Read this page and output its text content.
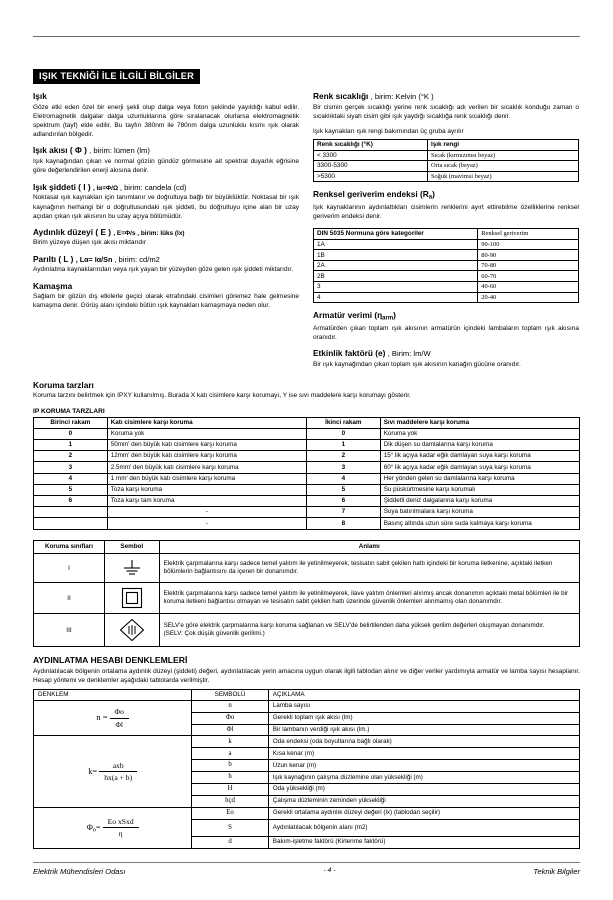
IŞIK TEKNİĞİ İLE İLGİLİ BİLGİLER
Işık

Göze etki eden özel bir enerji şekli olup dalga veya foton şeklinde yayıldığı kabul edilir. Eletromagnetik dalgalar dalga uzunluklarına göre sıralanacak olurlarsa elektromagnetik spektrum (tayf) elde edilir. Bu tayfın 380nm ile 780nm dalga uzunluklu kısmı ışık olarak adlandırılan bölgedir.

Işık akısı ( Φ ) , birim: lümen (lm)

Işık kaynağından çıkan ve normal gözün gündüz görmesine ait spektral duyarlık eğrisine göre değerlendirilen enerji akısına denir.

Işık şiddeti ( I ) , Iα=Φ/Ω , birim: candela (cd)

Noktasal ışık kaynakları için tanımlanır ve doğrultuya bağlı bir büyüklüktür. Noktasal bir ışık kaynağının herhangi bir α doğrultusundaki ışık şiddeti, bu doğrultuyu içine alan bir uzay açıdan çıkan ışık akısının bu uzay açıya bölümüdür.

Aydınlık düzeyi ( E ) , E=Φ/s , birim: lüks (lx)

Birim yüzeye düşen ışık akısı miktarıdır

Parıltı ( L ) , Lα= Iα/Sn , birim: cd/m2

Aydınlatma kaynaklarından veya ışık yayan bir yüzeyden göze gelen ışık şiddeti miktarıdır.

Kamaşma

Sağlam bir gözün dış etkilerle geçici olarak etrafındaki cisimleri göremez hale gelmesine kamaşma denir. Görüş alanı içindeki bütün ışık kaynakları kamaşmaya neden olur.

Renk sıcaklığı , birim: Kelvin (°K )

Bir cismin gerçek sıcaklığı yerine renk sıcaklığı adı verilen bir sıcaklık konduğu zaman o sıcaklıktaki siyah cisim gibi ışık yaydığı sıcaklığa renk sıcaklığı denir.

Işık kaynakları ışık rengi bakımından üç gruba ayrılır
Renk sıcaklığı (°K)	Işık rengi
< 3300	Sıcak (kırmızımsı beyaz)
3300-5300	Orta sıcak (beyaz)
>5300	Soğuk (mavimsi beyaz)
Renksel geriverim endeksi $(R_a)$

Işık kaynaklarının aydınlattıkları cisimlerin renklerini ayırt ettirebilme özelliklerine renksel geriverim endeksi denir.

DIN 5035 Normuna göre kategoriler	Renksel geriverim
1A	90-100
1B	80-90
2A	70-80
2B	60-70
3	40-60
4	20-40
Armatür verimi $(\eta_{arm})$

Armatürden çıkan toplam ışık akısının armatürün içindeki lambaların toplam ışık akısına oranıdır.

Etkinlik faktörü (e) , Birim: lm/W

Bir ışık kaynağından çıkan toplam ışık akısının kanağın gücüne oranıdır.

Koruma tarzları

Koruma tarzını belirtmek için IPXY kullanılmış. Burada X katı cisimlere karşı korumayı, Y ise sıvı maddelere karşı korumayı gösterir.

IP KORUMA TARZLARI
Birinci rakam	Katı cisimlere karşı koruma	İkinci rakam	Sıvı maddelere karşı koruma
0	Koruma yok	0	Koruma yok
1	50mm' den büyük katı cisimlere karşı koruma	1	Dik düşen su damlalarına karşı koruma
2	12mm' den büyük katı cisimlere karşı koruma	2	15° lik açıya kadar eğik damlayan suya karşı koruma
3	2.5mm' den büyük katı cisimlere karşı koruma	3	60° lik açıya kadar eğik damlayan suya karşı koruma
4	1 mm' den büyük katı cisimlere karşı koruma	4	Her yönden gelen su damlalarına karşı koruma
5	Toza karşı koruma	5	Su püskürtmesine karşı korumalı
6	Toza karşı tam koruma	6	Şiddetli deniz dalgalarına karşı koruma
	-	7	Suya batırılmalara karşı koruma
	-	8	Basınç altında uzun süre suda kalmaya karşı koruma
Koruma sınıfları	Sembol	Anlamı
I		Elektrik çarpmalarına karşı sadece temel yalıtım ile yetinilmeyerek, tesisatın sabit çekilen hattı içindeki bir koruma iletkenine, açıktaki iletken bölümlerin bağlantısını da içeren bir donanımdır.
II		Elektrik çarpmalarına karşı sadece temel yalıtım ile yetinilmeyerek, ilave yalıtım önlemleri alınmış ancak donanımın açıktaki metal bölümleri ile bir koruma iletkeni bağlantısı olmayan ve tesisatın sabit çekilen hattı üzerinde güvenlik önlemleri alınmamış olan donanımdır.
III		SELV'e göre elektrik çarpmalarına karşı koruma sağlanan ve SELV'de belirtilenden daha yüksek gerilim değerleri oluşmayan donanımdır.
(SELV: Çok düşük güvenlik gerilimi.)
AYDINLATMA HESABI DENKLEMLERİ

Aydınlatılacak bölgenin ortalama aydınlık düzeyi (şiddeti) değeri, aydınlatılacak yerin amacına uygun olarak ilgili tablodan alınır ve diğer veriler yardımıyla armatür ve lamba sayısı hesaplanır. Hesap yöntemi ve denklemler aşağıdaki tablolarda verilmiştir.

DENKLEM	SEMBOLÜ	AÇIKLAMA
$n = \frac{\Phi o}{\Phi l}$	n	Lamba sayısı
	Φo	Gerekli toplam ışık akısı (lm)
	Φl	Bir lambanın verdiği ışık akısı (lm.)
$k= \frac{\text{axb}}{hx(a + b)}$	k	Oda endeksi (oda boyutlarına bağlı olarak)
	a	Kısa kenar (m)
	b	Uzun kenar (m)
	h	Işık kaynağının çalışma düzlemine olan yüksekliği (m)
	H	Oda yüksekliği (m)
	hçd	Çalışma düzleminin zeminden yüksekliği
$\Phi_o= \frac{\text{Eo xSxd}}{\eta}$	Eo	Gerekli ortalama aydınlık düzeyi değeri (lx) (tablodan seçilir)
	S	Aydınlatılacak bölgenin alanı (m2)
	d	Bakım-işletme faktörü (Kirlenme faktörü)
Elektrik Mühendisleri Odası	- 4 -	Teknik Bilgiler
